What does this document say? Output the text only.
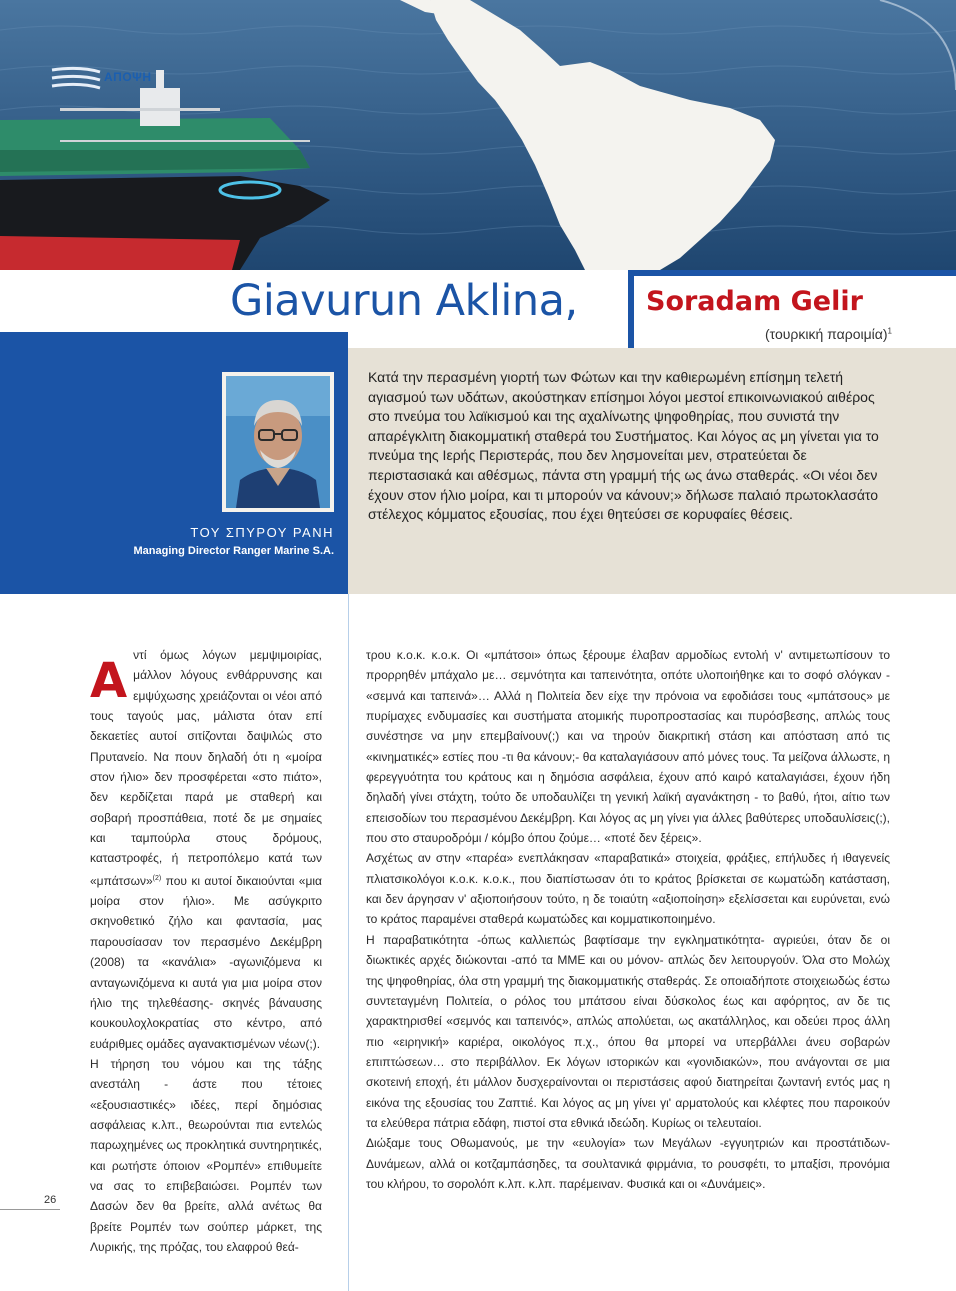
ΑΠΟΨΗ
Giavurun Aklina,	Soradam Gelir
(τουρκική παροιμία)$^1$
ΤΟΥ ΣΠΥΡΟΥ ΡΑΝΗ
Managing Director Ranger Marine S.A.
Κατά την περασμένη γιορτή των Φώτων και την καθιερωμένη επίσημη τελετή αγιασμού των υδάτων, ακούστηκαν επίσημοι λόγοι μεστοί επικοινωνιακού αιθέρος στο πνεύμα του λαϊκισμού και της αχαλίνωτης ψηφοθηρίας, που συνιστά την απαρέγκλιτη διακομματική σταθερά του Συστήματος. Και λόγος ας μη γίνεται για το πνεύμα της Ιερής Περιστεράς, που δεν λησμονείται μεν, στρατεύεται δε περιστασιακά και αθέσμως, πάντα στη γραμμή τής ως άνω σταθεράς. «Οι νέοι δεν έχουν στον ήλιο μοίρα, και τι μπορούν να κάνουν;» δήλωσε παλαιό πρωτοκλασάτο στέλεχος κόμματος εξουσίας, που έχει θητεύσει σε κορυφαίες θέσεις.

Αντί όμως λόγων μεμψιμοιρίας, μάλλον λόγους ενθάρρυνσης και εμψύχωσης χρειάζονται οι νέοι από τους ταγούς μας, μάλιστα όταν επί δεκαετίες αυτοί σιτίζονται δαψιλώς στο Πρυτανείο. Να πουν δηλαδή ότι η «μοίρα στον ήλιο» δεν προσφέρεται «στο πιάτο», δεν κερδίζεται παρά με σταθερή και σοβαρή προσπάθεια, ποτέ δε με σημαίες και ταμπούρλα στους δρόμους, καταστροφές, ή πετροπόλεμο κατά των «μπάτσων»$^{(2)}$ που κι αυτοί δικαιούνται «μια μοίρα στον ήλιο». Με ασύγκριτο σκηνοθετικό ζήλο και φαντασία, μας παρουσίασαν τον περασμένο Δεκέμβρη (2008) τα «κανάλια» -αγωνιζόμενα κι ανταγωνιζόμενα κι αυτά για μια μοίρα στον ήλιο της τηλεθέασης- σκηνές βάναυσης κουκουλοχλοκρατίας στο κέντρο, από ευάριθμες ομάδες αγανακτισμένων νέων(;).

Η τήρηση του νόμου και της τάξης ανεστάλη - άστε που τέτοιες «εξουσιαστικές» ιδέες, περί δημόσιας ασφάλειας κ.λπ., θεωρούνται πια εντελώς παρωχημένες ως προκλητικά συντηρητικές, και ρωτήστε όποιον «Ρομπέν» επιθυμείτε να σας το επιβεβαιώσει. Ρομπέν των Δασών δεν θα βρείτε, αλλά ανέτως θα βρείτε Ρομπέν των σούπερ μάρκετ, της Λυρικής, της πρόζας, του ελαφρού θεά-

τρου κ.ο.κ. κ.ο.κ. Οι «μπάτσοι» όπως ξέρουμε έλαβαν αρμοδίως εντολή ν' αντιμετωπίσουν το προρρηθέν μπάχαλο με… σεμνότητα και ταπεινότητα, οπότε υλοποιήθηκε και το σοφό σλόγκαν - «σεμνά και ταπεινά»… Αλλά η Πολιτεία δεν είχε την πρόνοια να εφοδιάσει τους «μπάτσους» με πυρίμαχες ενδυμασίες και συστήματα ατομικής πυροπροστασίας και πυρόσβεσης, απλώς τους συνέστησε να μην επεμβαίνουν(;) και να τηρούν διακριτική στάση και απόσταση από τις «κινηματικές» εστίες που -τι θα κάνουν;- θα καταλαγιάσουν από μόνες τους. Τα μείζονα άλλωστε, η φερεγγυότητα του κράτους και η δημόσια ασφάλεια, έχουν από καιρό καταλαγιάσει, έχουν ήδη δηλαδή γίνει στάχτη, τούτο δε υποδαυλίζει τη γενική λαϊκή αγανάκτηση - το βαθύ, ήτοι, αίτιο των επεισοδίων του περασμένου Δεκέμβρη. Και λόγος ας μη γίνει για άλλες βαθύτερες υποδαυλίσεις(;), που στο σταυροδρόμι / κόμβο όπου ζούμε… «ποτέ δεν ξέρεις».

Ασχέτως αν στην «παρέα» ενεπλάκησαν «παραβατικά» στοιχεία, φράξιες, επήλυδες ή ιθαγενείς πλιατσικολόγοι κ.ο.κ. κ.ο.κ., που διαπίστωσαν ότι το κράτος βρίσκεται σε κωματώδη κατάσταση, και δεν άργησαν ν' αξιοποιήσουν τούτο, η δε τοιαύτη «αξιοποίηση» εξελίσσεται και ευρύνεται, ενώ το κράτος παραμένει σταθερά κωματώδες και κομματικοποιημένο.

Η παραβατικότητα -όπως καλλιεπώς βαφτίσαμε την εγκληματικότητα- αγριεύει, όταν δε οι διωκτικές αρχές διώκονται -από τα ΜΜΕ και ου μόνον- απλώς δεν λειτουργούν. Όλα στο Μολώχ της ψηφοθηρίας, όλα στη γραμμή της διακομματικής σταθεράς. Σε οποιαδήποτε στοιχειωδώς έστω συντεταγμένη Πολιτεία, ο ρόλος του μπάτσου είναι δύσκολος έως και αφόρητος, αν δε τις χαρακτηρισθεί «σεμνός και ταπεινός», απλώς απολύεται, ως ακατάλληλος, και οδεύει προς άλλη πιο «ειρηνική» καριέρα, οικολόγος π.χ., όπου θα μπορεί να υπερβάλλει άνευ σοβαρών επιπτώσεων… στο περιβάλλον. Εκ λόγων ιστορικών και «γονιδιακών», που ανάγονται σε μια σκοτεινή εποχή, έτι μάλλον δυσχεραίνονται οι περιστάσεις αφού διατηρείται ζωντανή εντός μας η εικόνα της εξουσίας του Ζαπτιέ. Και λόγος ας μη γίνει γι' αρματολούς και κλέφτες που παροικούν τα ελεύθερα πάτρια εδάφη, πιστοί στα εθνικά ιδεώδη. Κυρίως οι τελευταίοι.

Διώξαμε τους Οθωμανούς, με την «ευλογία» των Μεγάλων -εγγυητριών και προστάτιδων- Δυνάμεων, αλλά οι κοτζαμπάσηδες, τα σουλτανικά φιρμάνια, το ρουσφέτι, το μπαξίσι, προνόμια του κλήρου, το σορολόπ κ.λπ. κ.λπ. παρέμειναν. Φυσικά και οι «Δυνάμεις».

26
